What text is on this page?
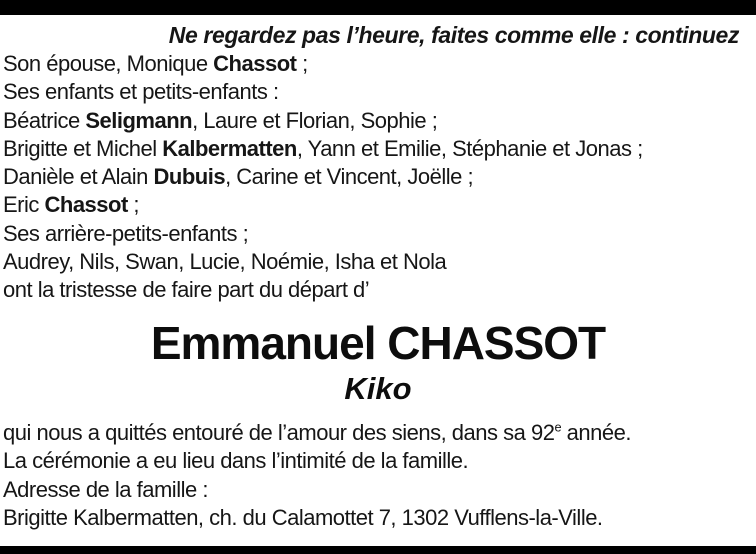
Ne regardez pas l’heure, faites comme elle : continuez
Son épouse, Monique Chassot ;
Ses enfants et petits-enfants :
Béatrice Seligmann, Laure et Florian, Sophie ;
Brigitte et Michel Kalbermatten, Yann et Emilie, Stéphanie et Jonas ;
Danièle et Alain Dubuis, Carine et Vincent, Joëlle ;
Eric Chassot ;
Ses arrière-petits-enfants ;
Audrey, Nils, Swan, Lucie, Noémie, Isha et Nola
ont la tristesse de faire part du départ d’
Emmanuel CHASSOT
Kiko
qui nous a quittés entouré de l’amour des siens, dans sa 92e année.
La cérémonie a eu lieu dans l’intimité de la famille.
Adresse de la famille :
Brigitte Kalbermatten, ch. du Calamottet 7, 1302 Vufflens-la-Ville.
